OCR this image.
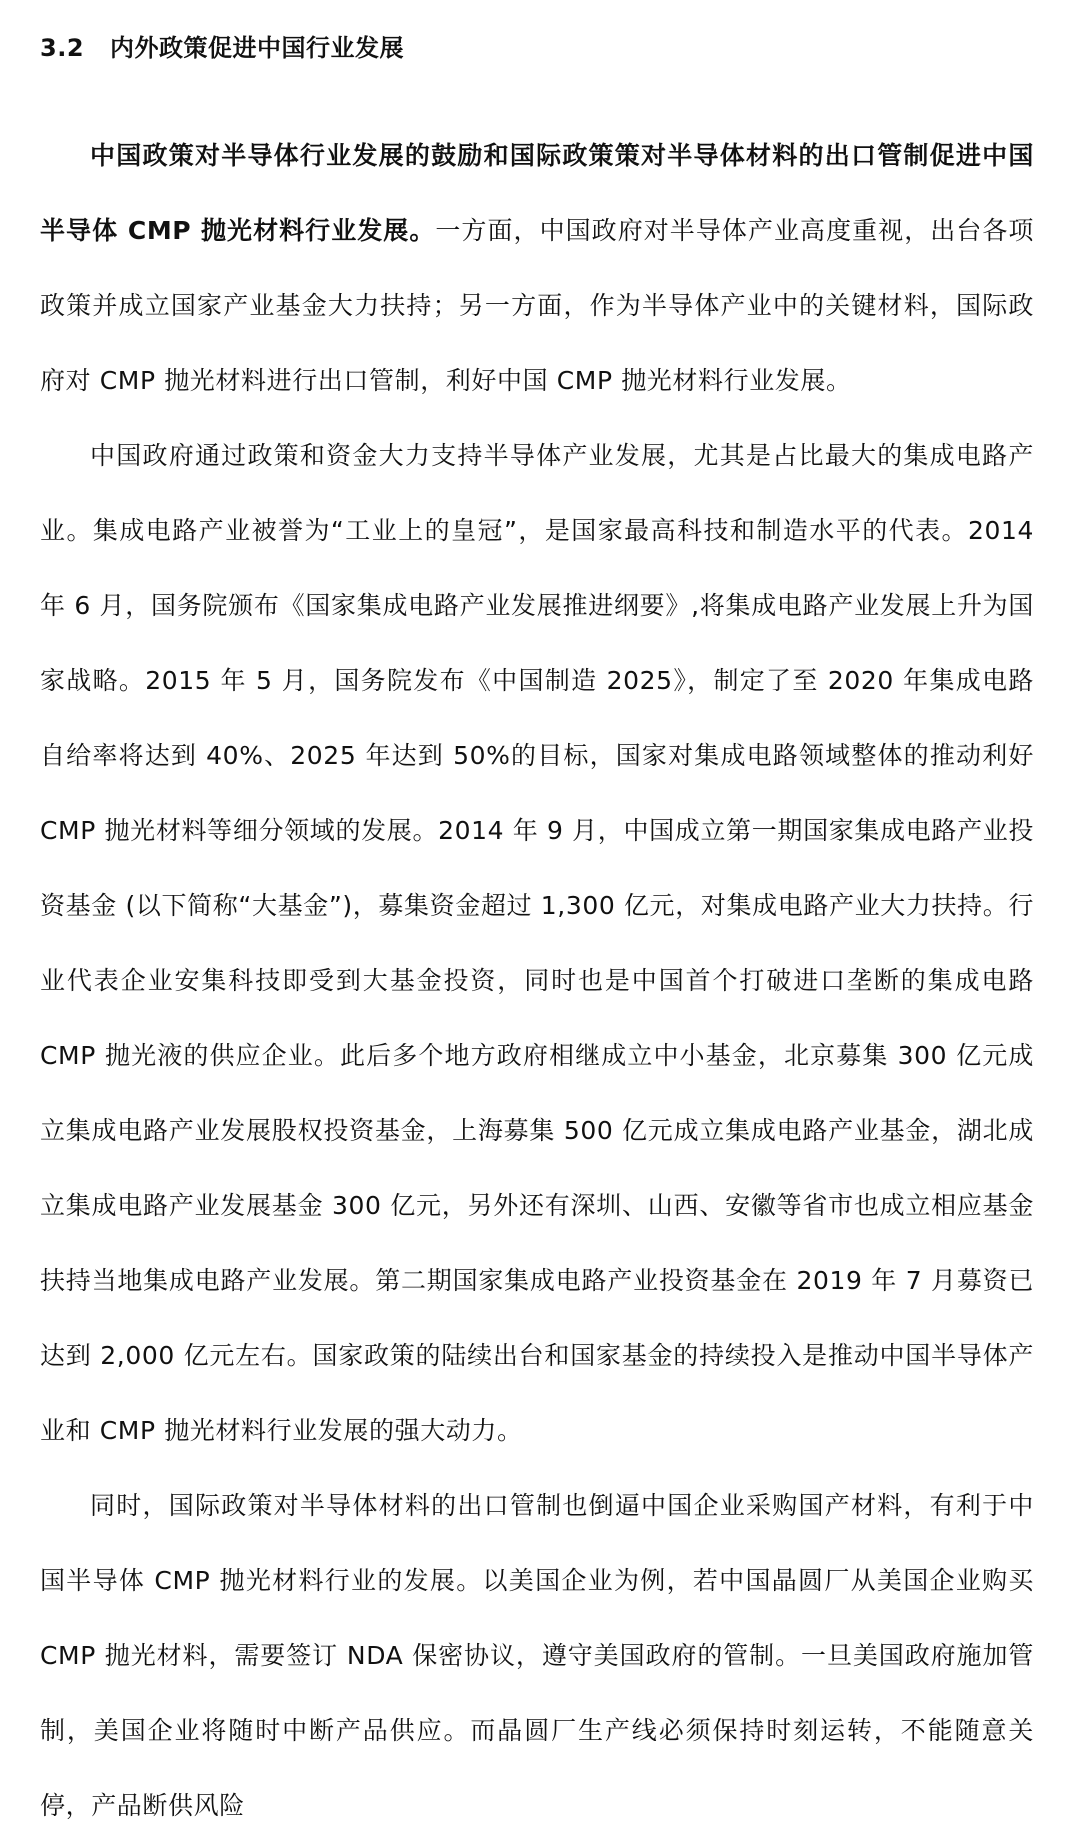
3.2	内外政策促进中国行业发展

中国政策对半导体行业发展的鼓励和国际政策策对半导体材料的出口管制促进中国半导体 CMP 抛光材料行业发展。一方面，中国政府对半导体产业高度重视，出台各项政策并成立国家产业基金大力扶持；另一方面，作为半导体产业中的关键材料，国际政府对 CMP 抛光材料进行出口管制，利好中国 CMP 抛光材料行业发展。

中国政府通过政策和资金大力支持半导体产业发展，尤其是占比最大的集成电路产业。集成电路产业被誉为“工业上的皇冠”，是国家最高科技和制造水平的代表。2014 年 6 月，国务院颁布《国家集成电路产业发展推进纲要》,将集成电路产业发展上升为国家战略。2015 年 5 月，国务院发布《中国制造 2025》，制定了至 2020 年集成电路自给率将达到 40%、2025 年达到 50%的目标，国家对集成电路领域整体的推动利好 CMP 抛光材料等细分领域的发展。2014 年 9 月，中国成立第一期国家集成电路产业投资基金 (以下简称“大基金”)，募集资金超过 1,300 亿元，对集成电路产业大力扶持。行业代表企业安集科技即受到大基金投资，同时也是中国首个打破进口垄断的集成电路 CMP 抛光液的供应企业。此后多个地方政府相继成立中小基金，北京募集 300 亿元成立集成电路产业发展股权投资基金，上海募集 500 亿元成立集成电路产业基金，湖北成立集成电路产业发展基金 300 亿元，另外还有深圳、山西、安徽等省市也成立相应基金扶持当地集成电路产业发展。第二期国家集成电路产业投资基金在 2019 年 7 月募资已达到 2,000 亿元左右。国家政策的陆续出台和国家基金的持续投入是推动中国半导体产业和 CMP 抛光材料行业发展的强大动力。

同时，国际政策对半导体材料的出口管制也倒逼中国企业采购国产材料，有利于中国半导体 CMP 抛光材料行业的发展。以美国企业为例，若中国晶圆厂从美国企业购买 CMP 抛光材料，需要签订 NDA 保密协议，遵守美国政府的管制。一旦美国政府施加管制，美国企业将随时中断产品供应。而晶圆厂生产线必须保持时刻运转，不能随意关停，产品断供风险
